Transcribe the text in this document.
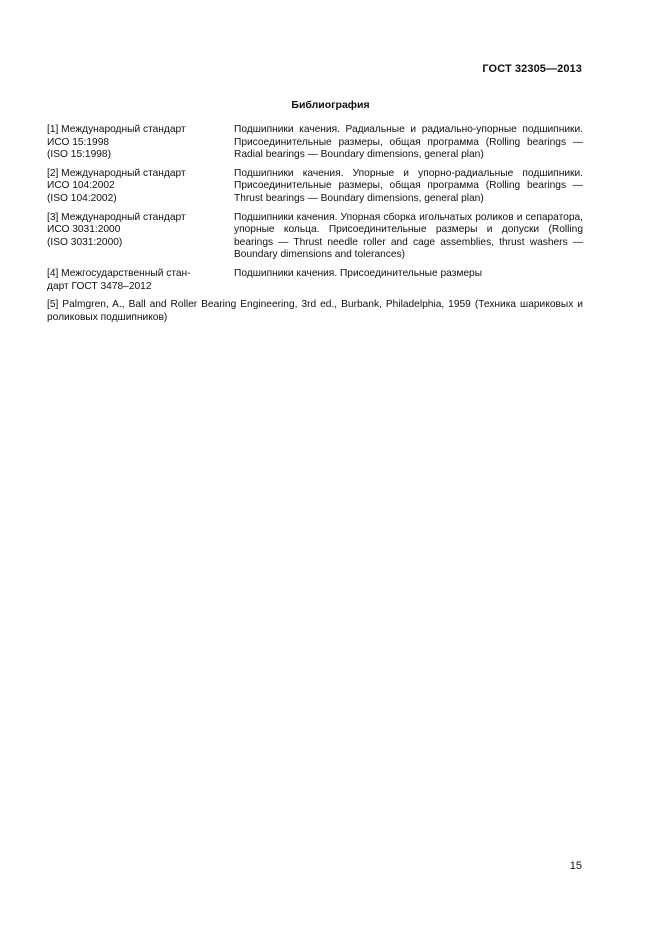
ГОСТ 32305—2013
Библиография
[1] Международный стандарт
ИСО 15:1998
(ISO 15:1998)
Подшипники качения. Радиальные и радиально-упорные подшипники. Присоединительные размеры, общая программа (Rolling bearings — Radial bearings — Boundary dimensions, general plan)
[2] Международный стандарт
ИСО 104:2002
(ISO 104:2002)
Подшипники качения. Упорные и упорно-радиальные подшипники. Присоединительные размеры, общая программа (Rolling bearings — Thrust bearings — Boundary dimensions, general plan)
[3] Международный стандарт
ИСО 3031:2000
(ISO 3031:2000)
Подшипники качения. Упорная сборка игольчатых роликов и сепаратора, упорные кольца. Присоединительные размеры и допуски (Rolling bearings — Thrust needle roller and cage assemblies, thrust washers — Boundary dimensions and tolerances)
[4] Межгосударственный стан-
дарт ГОСТ 3478–2012
Подшипники качения. Присоединительные размеры
[5] Palmgren, A., Ball and Roller Bearing Engineering, 3rd ed., Burbank, Philadelphia, 1959 (Техника шариковых и роликовых подшипников)
15
